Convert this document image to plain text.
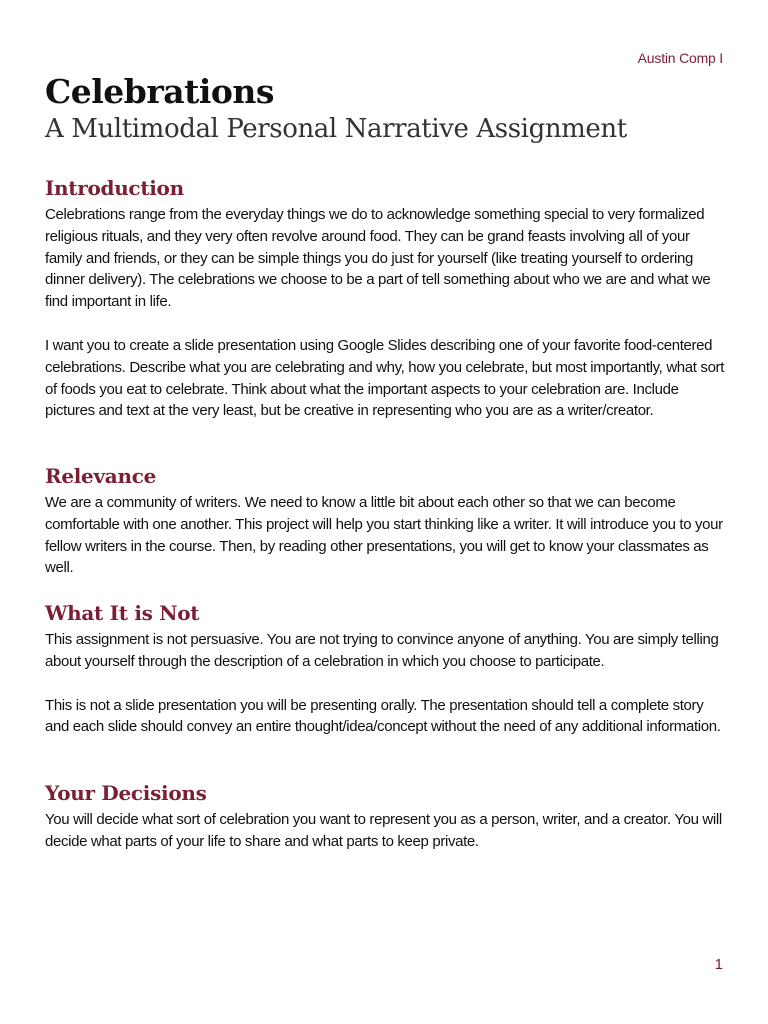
Austin Comp I
Celebrations
A Multimodal Personal Narrative Assignment
Introduction

Celebrations range from the everyday things we do to acknowledge something special to very formalized religious rituals, and they very often revolve around food. They can be grand feasts involving all of your family and friends, or they can be simple things you do just for yourself (like treating yourself to ordering dinner delivery). The celebrations we choose to be a part of tell something about who we are and what we find important in life.

I want you to create a slide presentation using Google Slides describing one of your favorite food-centered celebrations. Describe what you are celebrating and why, how you celebrate, but most importantly, what sort of foods you eat to celebrate. Think about what the important aspects to your celebration are. Include pictures and text at the very least, but be creative in representing who you are as a writer/creator.

Relevance

We are a community of writers. We need to know a little bit about each other so that we can become comfortable with one another. This project will help you start thinking like a writer. It will introduce you to your fellow writers in the course. Then, by reading other presentations, you will get to know your classmates as well.

What It is Not

This assignment is not persuasive. You are not trying to convince anyone of anything. You are simply telling about yourself through the description of a celebration in which you choose to participate.

This is not a slide presentation you will be presenting orally. The presentation should tell a complete story and each slide should convey an entire thought/idea/concept without the need of any additional information.

Your Decisions

You will decide what sort of celebration you want to represent you as a person, writer, and a creator. You will decide what parts of your life to share and what parts to keep private.

1
